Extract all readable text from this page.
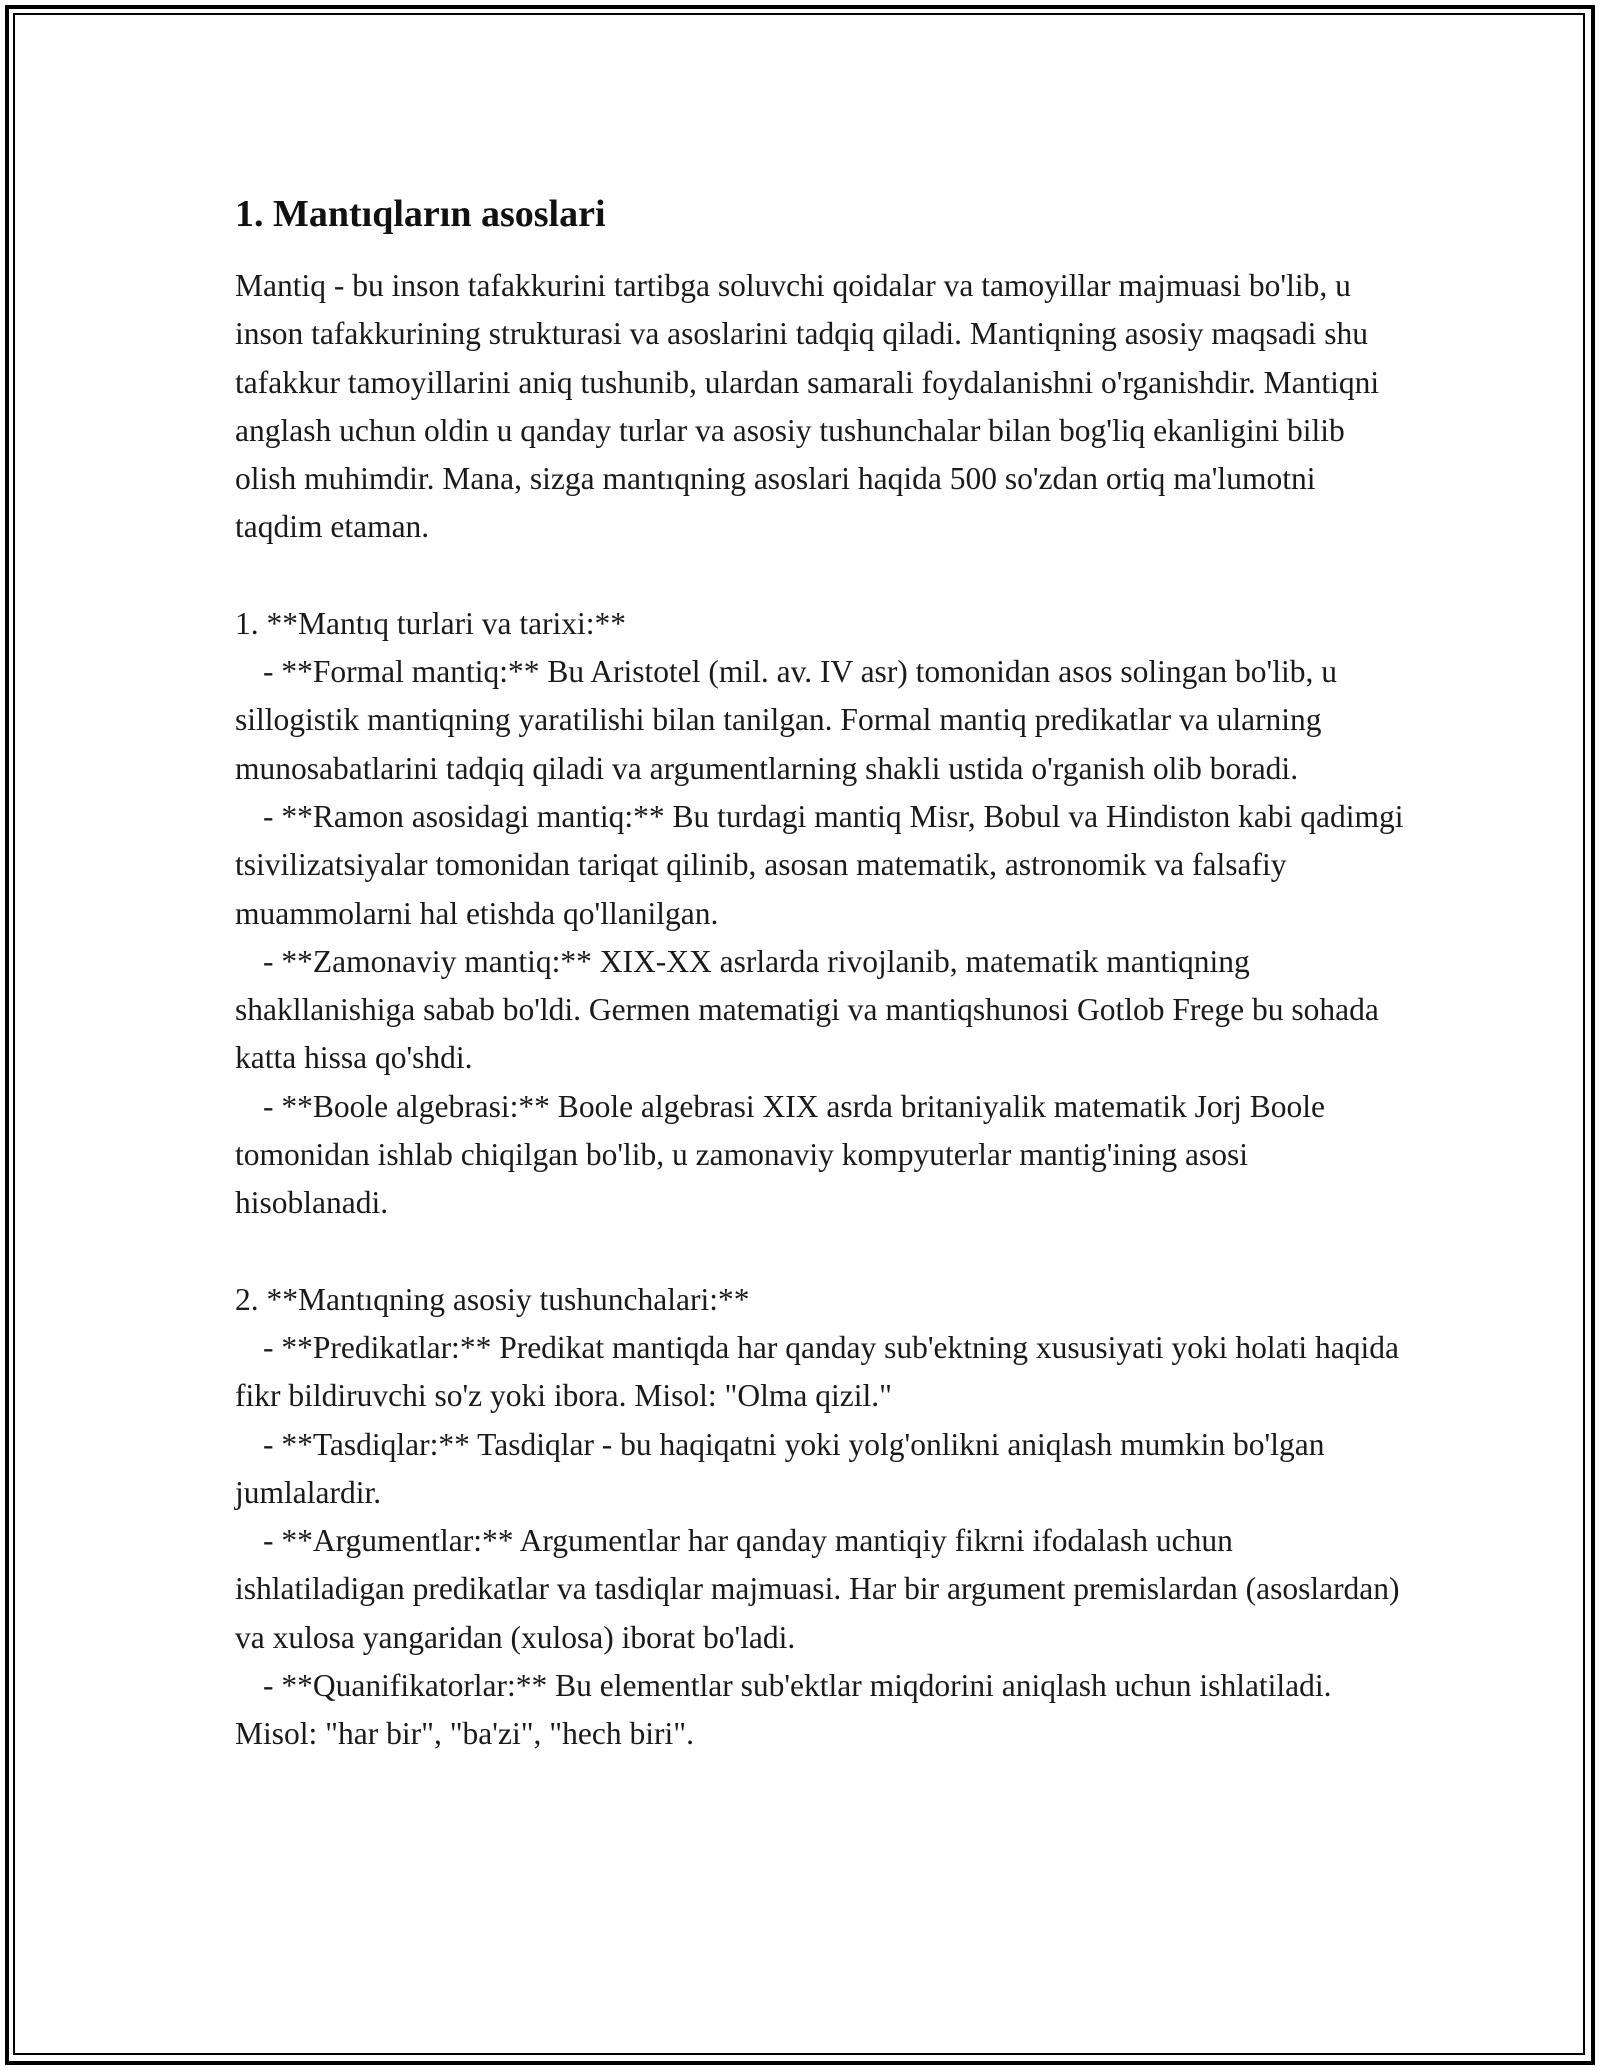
1. Mantıqların asoslari

Mantiq - bu inson tafakkurini tartibga soluvchi qoidalar va tamoyillar majmuasi bo'lib, u inson tafakkurining strukturasi va asoslarini tadqiq qiladi. Mantiqning asosiy maqsadi shu tafakkur tamoyillarini aniq tushunib, ulardan samarali foydalanishni o'rganishdir. Mantiqni anglash uchun oldin u qanday turlar va asosiy tushunchalar bilan bog'liq ekanligini bilib olish muhimdir. Mana, sizga mantıqning asoslari haqida 500 so'zdan ortiq ma'lumotni taqdim etaman.

1. **Mantıq turlari va tarixi:**

- **Formal mantiq:** Bu Aristotel (mil. av. IV asr) tomonidan asos solingan bo'lib, u sillogistik mantiqning yaratilishi bilan tanilgan. Formal mantiq predikatlar va ularning munosabatlarini tadqiq qiladi va argumentlarning shakli ustida o'rganish olib boradi.

- **Ramon asosidagi mantiq:** Bu turdagi mantiq Misr, Bobul va Hindiston kabi qadimgi tsivilizatsiyalar tomonidan tariqat qilinib, asosan matematik, astronomik va falsafiy muammolarni hal etishda qo'llanilgan.

- **Zamonaviy mantiq:** XIX-XX asrlarda rivojlanib, matematik mantiqning shakllanishiga sabab bo'ldi. Germen matematigi va mantiqshunosi Gotlob Frege bu sohada katta hissa qo'shdi.

- **Boole algebrasi:** Boole algebrasi XIX asrda britaniyalik matematik Jorj Boole tomonidan ishlab chiqilgan bo'lib, u zamonaviy kompyuterlar mantig'ining asosi hisoblanadi.

2. **Mantıqning asosiy tushunchalari:**

- **Predikatlar:** Predikat mantiqda har qanday sub'ektning xususiyati yoki holati haqida fikr bildiruvchi so'z yoki ibora. Misol: "Olma qizil."

- **Tasdiqlar:** Tasdiqlar - bu haqiqatni yoki yolg'onlikni aniqlash mumkin bo'lgan jumlalardir.

- **Argumentlar:** Argumentlar har qanday mantiqiy fikrni ifodalash uchun ishlatiladigan predikatlar va tasdiqlar majmuasi. Har bir argument premislardan (asoslardan) va xulosa yangaridan (xulosa) iborat bo'ladi.

- **Quanifikatorlar:** Bu elementlar sub'ektlar miqdorini aniqlash uchun ishlatiladi. Misol: "har bir", "ba'zi", "hech biri".
